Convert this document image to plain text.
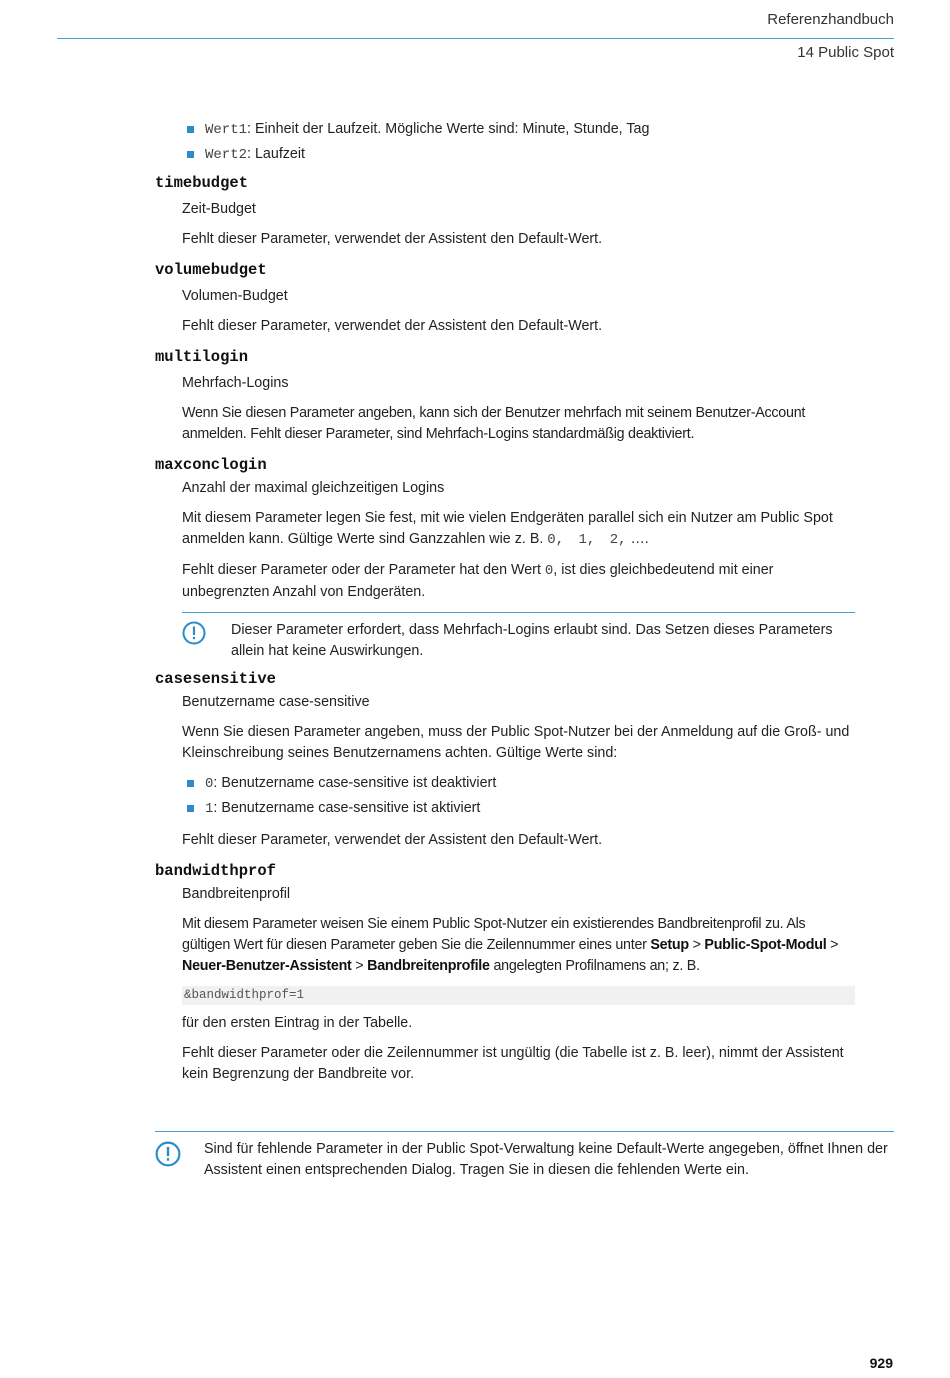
Referenzhandbuch
14 Public Spot
Wert1: Einheit der Laufzeit. Mögliche Werte sind: Minute, Stunde, Tag
Wert2: Laufzeit
timebudget

Zeit-Budget

Fehlt dieser Parameter, verwendet der Assistent den Default-Wert.

volumebudget

Volumen-Budget

Fehlt dieser Parameter, verwendet der Assistent den Default-Wert.

multilogin

Mehrfach-Logins

Wenn Sie diesen Parameter angeben, kann sich der Benutzer mehrfach mit seinem Benutzer-Account anmelden. Fehlt dieser Parameter, sind Mehrfach-Logins standardmäßig deaktiviert.

maxconclogin

Anzahl der maximal gleichzeitigen Logins

Mit diesem Parameter legen Sie fest, mit wie vielen Endgeräten parallel sich ein Nutzer am Public Spot anmelden kann. Gültige Werte sind Ganzzahlen wie z. B. 0, 1, 2, ….

Fehlt dieser Parameter oder der Parameter hat den Wert 0, ist dies gleichbedeutend mit einer unbegrenzten Anzahl von Endgeräten.

Dieser Parameter erfordert, dass Mehrfach-Logins erlaubt sind. Das Setzen dieses Parameters allein hat keine Auswirkungen.
casesensitive

Benutzername case-sensitive

Wenn Sie diesen Parameter angeben, muss der Public Spot-Nutzer bei der Anmeldung auf die Groß- und Kleinschreibung seines Benutzernamens achten. Gültige Werte sind:

0: Benutzername case-sensitive ist deaktiviert
1: Benutzername case-sensitive ist aktiviert

Fehlt dieser Parameter, verwendet der Assistent den Default-Wert.

bandwidthprof

Bandbreitenprofil

Mit diesem Parameter weisen Sie einem Public Spot-Nutzer ein existierendes Bandbreitenprofil zu. Als gültigen Wert für diesen Parameter geben Sie die Zeilennummer eines unter Setup > Public-Spot-Modul > Neuer-Benutzer-Assistent > Bandbreitenprofile angelegten Profilnamens an; z. B.

&bandwidthprof=1

für den ersten Eintrag in der Tabelle.

Fehlt dieser Parameter oder die Zeilennummer ist ungültig (die Tabelle ist z. B. leer), nimmt der Assistent kein Begrenzung der Bandbreite vor.

Sind für fehlende Parameter in der Public Spot-Verwaltung keine Default-Werte angegeben, öffnet Ihnen der Assistent einen entsprechenden Dialog. Tragen Sie in diesen die fehlenden Werte ein.
929
